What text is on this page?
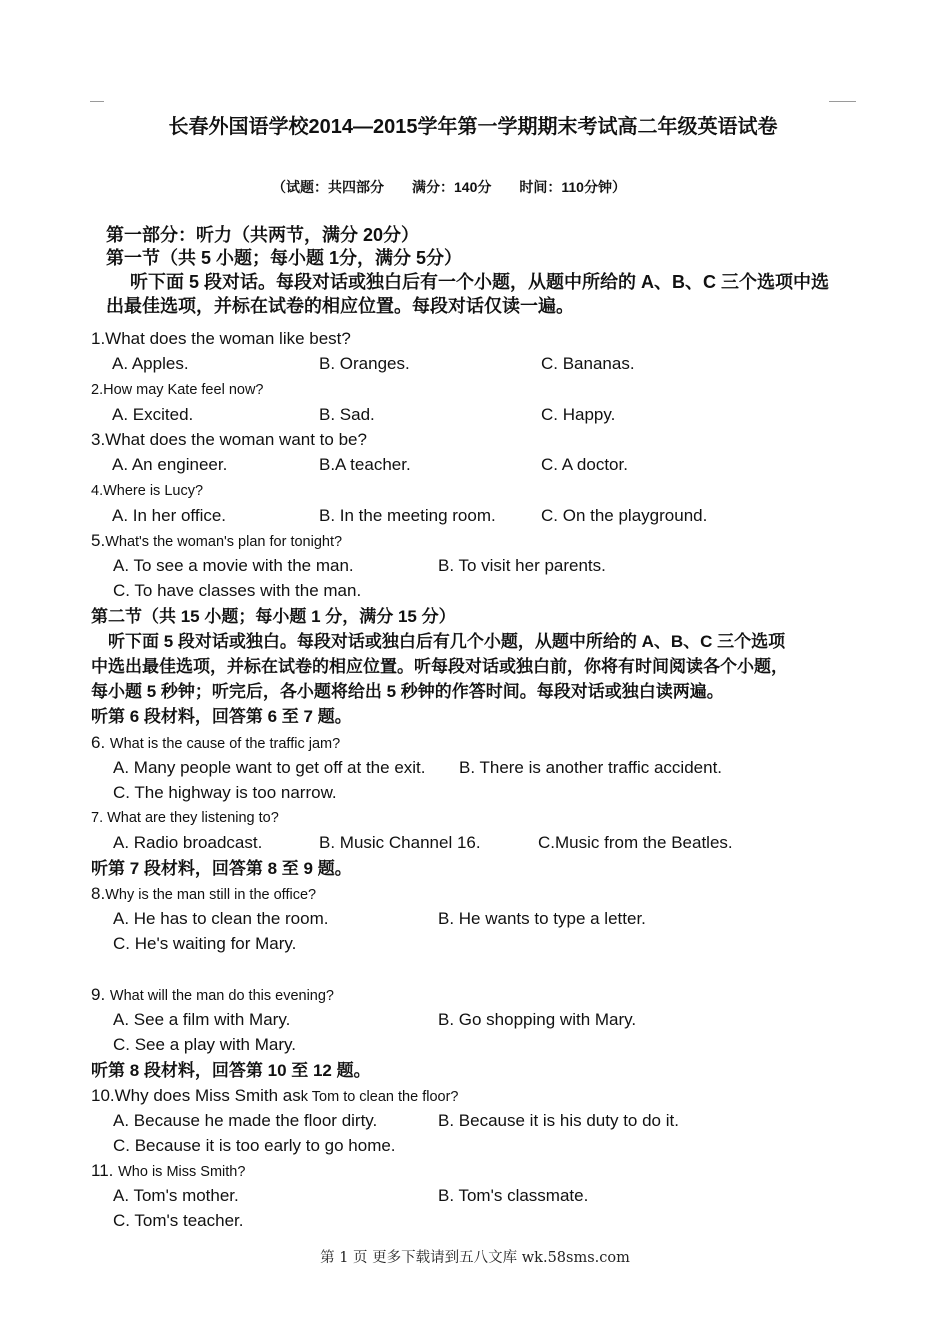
长春外国语学校2014—2015学年第一学期期末考试高二年级英语试卷
（试题：共四部分　　满分：140分　　时间：110分钟）
第一部分：听力（共两节，满分 20分）
第一节（共 5 小题；每小题 1分，满分 5分）
听下面 5 段对话。每段对话或独白后有一个小题，从题中所给的 A、B、C 三个选项中选
出最佳选项，并标在试卷的相应位置。每段对话仅读一遍。
1.What does the woman like best?
A. Apples.	B. Oranges.	C. Bananas.
2.How may Kate feel now?
A. Excited.	B. Sad.	C. Happy.
3.What does the woman want to be?
A. An engineer.	B.A teacher.	C. A doctor.
4.Where is Lucy?
A. In her office.	B. In the meeting room.	C. On the playground.
5.What's the woman's plan for tonight?
A. To see a movie with the man.	B. To visit her parents.
C. To have classes with the man.
第二节（共 15 小题；每小题 1 分，满分 15 分）
听下面 5 段对话或独白。每段对话或独白后有几个小题，从题中所给的 A、B、C 三个选项
中选出最佳选项，并标在试卷的相应位置。听每段对话或独白前，你将有时间阅读各个小题，
每小题 5 秒钟；听完后，各小题将给出 5 秒钟的作答时间。每段对话或独白读两遍。
听第 6 段材料，回答第 6 至 7 题。
6. What is the cause of the traffic jam?
A. Many people want to get off at the exit. B. There is another traffic accident.
C. The highway is too narrow.
7. What are they listening to?
A. Radio broadcast.	B. Music Channel 16.	C.Music from the Beatles.
听第 7 段材料，回答第 8 至 9 题。
8.Why is the man still in the office?
A. He has to clean the room.	B. He wants to type a letter.
C. He's waiting for Mary.
9. What will the man do this evening?
A. See a film with Mary.	B. Go shopping with Mary.
C. See a play with Mary.
听第 8 段材料，回答第 10 至 12 题。
10.Why does Miss Smith ask Tom to clean the floor?
A. Because he made the floor dirty.	B. Because it is his duty to do it.
C. Because it is too early to go home.
11. Who is Miss Smith?
A. Tom's mother.	B. Tom's classmate.
C. Tom's teacher.
第 1 页 更多下载请到五八文库 wk.58sms.com
